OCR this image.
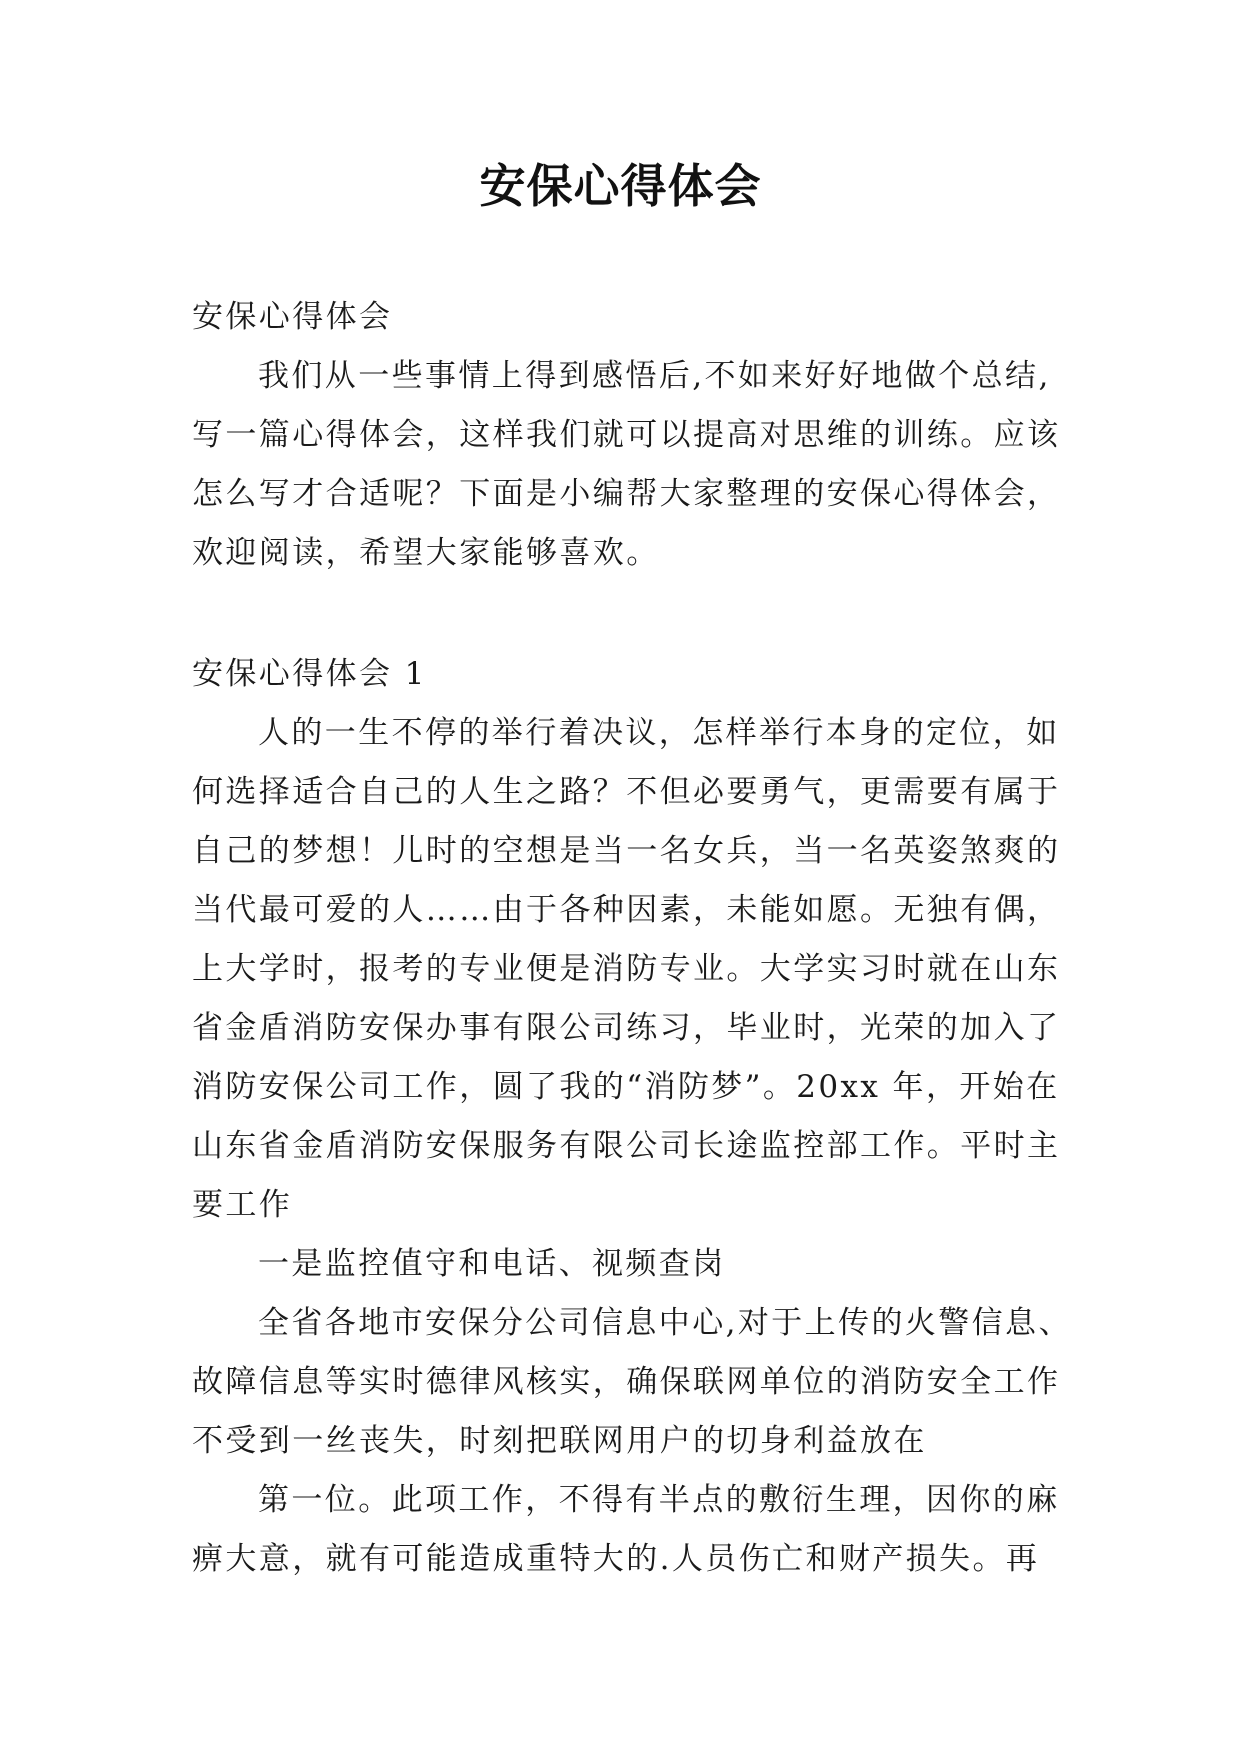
安保心得体会

安保心得体会

我们从一些事情上得到感悟后,不如来好好地做个总结,

写一篇心得体会，这样我们就可以提高对思维的训练。应该

怎么写才合适呢？下面是小编帮大家整理的安保心得体会，

欢迎阅读，希望大家能够喜欢。

安保心得体会 1

人的一生不停的举行着决议，怎样举行本身的定位，如

何选择适合自己的人生之路？不但必要勇气，更需要有属于

自己的梦想！儿时的空想是当一名女兵，当一名英姿煞爽的

当代最可爱的人……由于各种因素，未能如愿。无独有偶，

上大学时，报考的专业便是消防专业。大学实习时就在山东

省金盾消防安保办事有限公司练习，毕业时，光荣的加入了

消防安保公司工作，圆了我的“消防梦”。20xx 年，开始在

山东省金盾消防安保服务有限公司长途监控部工作。平时主

要工作

一是监控值守和电话、视频查岗

全省各地市安保分公司信息中心,对于上传的火警信息、

故障信息等实时德律风核实，确保联网单位的消防安全工作

不受到一丝丧失，时刻把联网用户的切身利益放在

第一位。此项工作，不得有半点的敷衍生理，因你的麻

痹大意，就有可能造成重特大的.人员伤亡和财产损失。再
